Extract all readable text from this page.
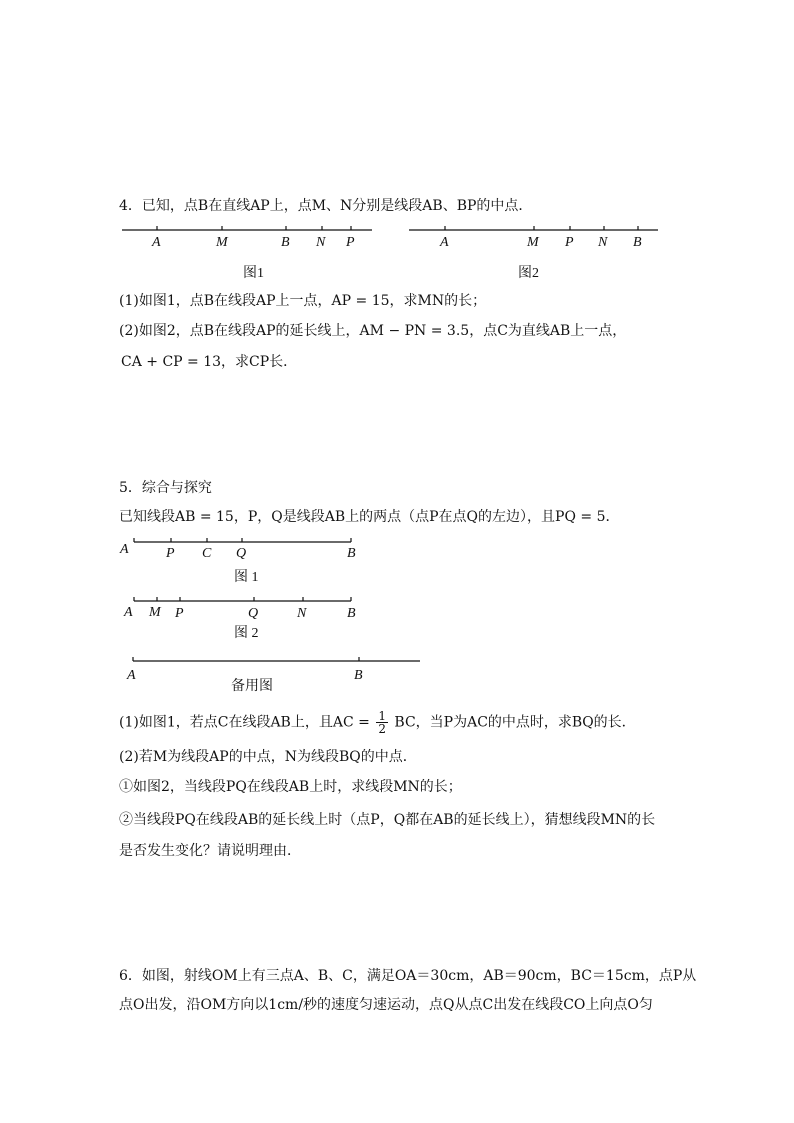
4．已知，点B在直线AP上，点M、N分别是线段AB、BP的中点．
A	M	B N P
图1
A	M P N B
图2
A	P C Q	B
图 1
A M P	Q	N	B
图 2
A	B
备用图
(1)如图1，点B在线段AP上一点，AP = 15，求MN的长；
(2)如图2，点B在线段AP的延长线上，AM − PN = 3.5，点C为直线AB上一点，
CA + CP = 13，求CP长．
5．综合与探究
已知线段AB = 15，P，Q是线段AB上的两点（点P在点Q的左边），且PQ = 5．
(1)如图1，若点C在线段AB上，且AC = $\frac{1}{2}$ BC，当P为AC的中点时，求BQ的长．
(2)若M为线段AP的中点，N为线段BQ的中点．
①如图2，当线段PQ在线段AB上时，求线段MN的长；
②当线段PQ在线段AB的延长线上时（点P，Q都在AB的延长线上），猜想线段MN的长
是否发生变化？请说明理由．
6．如图，射线OM上有三点A、B、C，满足OA＝30cm，AB＝90cm，BC＝15cm，点P从
点O出发，沿OM方向以1cm/秒的速度匀速运动，点Q从点C出发在线段CO上向点O匀
